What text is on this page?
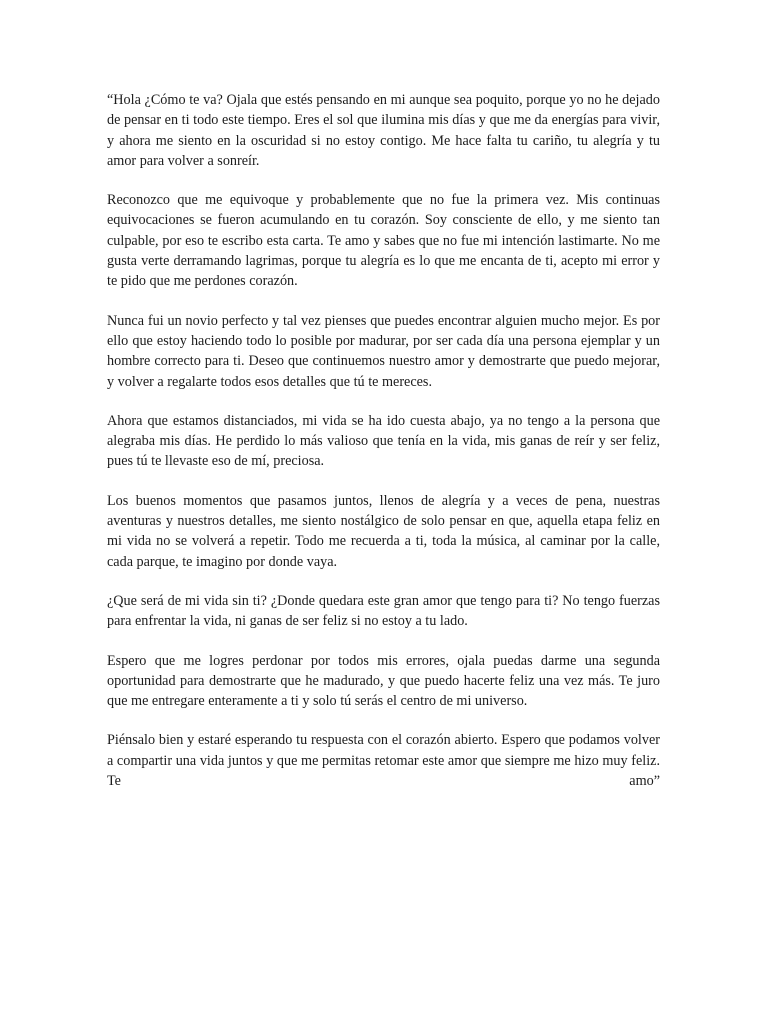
“Hola ¿Cómo te va? Ojala que estés pensando en mi aunque sea poquito, porque yo no he dejado de pensar en ti todo este tiempo. Eres el sol que ilumina mis días y que me da energías para vivir, y ahora me siento en la oscuridad si no estoy contigo. Me hace falta tu cariño, tu alegría y tu amor para volver a sonreír.

Reconozco que me equivoque y probablemente que no fue la primera vez. Mis continuas equivocaciones se fueron acumulando en tu corazón. Soy consciente de ello, y me siento tan culpable, por eso te escribo esta carta. Te amo y sabes que no fue mi intención lastimarte. No me gusta verte derramando lagrimas, porque tu alegría es lo que me encanta de ti, acepto mi error y te pido que me perdones corazón.

Nunca fui un novio perfecto y tal vez pienses que puedes encontrar alguien mucho mejor. Es por ello que estoy haciendo todo lo posible por madurar, por ser cada día una persona ejemplar y un hombre correcto para ti. Deseo que continuemos nuestro amor y demostrarte que puedo mejorar, y volver a regalarte todos esos detalles que tú te mereces.

Ahora que estamos distanciados, mi vida se ha ido cuesta abajo, ya no tengo a la persona que alegraba mis días. He perdido lo más valioso que tenía en la vida, mis ganas de reír y ser feliz, pues tú te llevaste eso de mí, preciosa.

Los buenos momentos que pasamos juntos, llenos de alegría y a veces de pena, nuestras aventuras y nuestros detalles, me siento nostálgico de solo pensar en que, aquella etapa feliz en mi vida no se volverá a repetir. Todo me recuerda a ti, toda la música, al caminar por la calle, cada parque, te imagino por donde vaya.

¿Que será de mi vida sin ti? ¿Donde quedara este gran amor que tengo para ti? No tengo fuerzas para enfrentar la vida, ni ganas de ser feliz si no estoy a tu lado.

Espero que me logres perdonar por todos mis errores, ojala puedas darme una segunda oportunidad para demostrarte que he madurado, y que puedo hacerte feliz una vez más. Te juro que me entregare enteramente a ti y solo tú serás el centro de mi universo.

Piénsalo bien y estaré esperando tu respuesta con el corazón abierto. Espero que podamos volver a compartir una vida juntos y que me permitas retomar este amor que siempre me hizo muy feliz. Te amo”
